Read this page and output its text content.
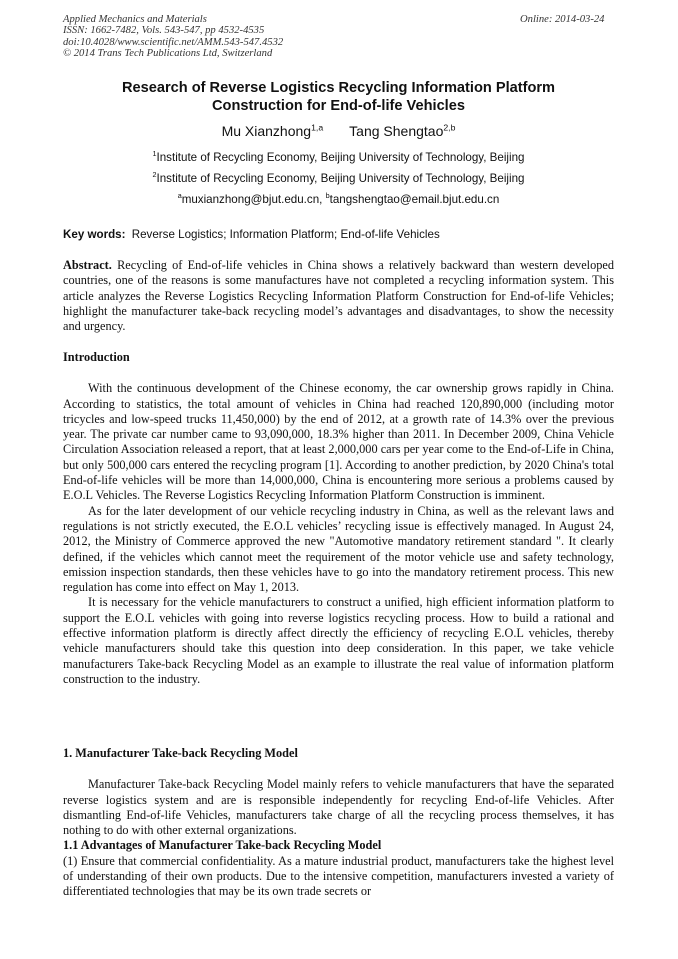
Applied Mechanics and Materials
ISSN: 1662-7482, Vols. 543-547, pp 4532-4535
doi:10.4028/www.scientific.net/AMM.543-547.4532
© 2014 Trans Tech Publications Ltd, Switzerland
Online: 2014-03-24
Research of Reverse Logistics Recycling Information Platform
Construction for End-of-life Vehicles
Mu Xianzhong$^{1,a}$ Tang Shengtao$^{2,b}$
$^1$Institute of Recycling Economy, Beijing University of Technology, Beijing
$^2$Institute of Recycling Economy, Beijing University of Technology, Beijing
$^a$muxianzhong@bjut.edu.cn, $^b$tangshengtao@email.bjut.edu.cn
Key words: Reverse Logistics; Information Platform; End-of-life Vehicles

Abstract. Recycling of End-of-life vehicles in China shows a relatively backward than western developed countries, one of the reasons is some manufactures have not completed a recycling information system. This article analyzes the Reverse Logistics Recycling Information Platform Construction for End-of-life Vehicles; highlight the manufacturer take-back recycling model’s advantages and disadvantages, to show the necessity and urgency.

Introduction

With the continuous development of the Chinese economy, the car ownership grows rapidly in China. According to statistics, the total amount of vehicles in China had reached 120,890,000 (including motor tricycles and low-speed trucks 11,450,000) by the end of 2012, at a growth rate of 14.3% over the previous year. The private car number came to 93,090,000, 18.3% higher than 2011. In December 2009, China Vehicle Circulation Association released a report, that at least 2,000,000 cars per year come to the End-of-Life in China, but only 500,000 cars entered the recycling program [1]. According to another prediction, by 2020 China's total End-of-life vehicles will be more than 14,000,000, China is encountering more serious a problems caused by E.O.L Vehicles. The Reverse Logistics Recycling Information Platform Construction is imminent.

As for the later development of our vehicle recycling industry in China, as well as the relevant laws and regulations is not strictly executed, the E.O.L vehicles’ recycling issue is effectively managed. In August 24, 2012, the Ministry of Commerce approved the new "Automotive mandatory retirement standard ". It clearly defined, if the vehicles which cannot meet the requirement of the motor vehicle use and safety technology, emission inspection standards, then these vehicles have to go into the mandatory retirement process. This new regulation has come into effect on May 1, 2013.

It is necessary for the vehicle manufacturers to construct a unified, high efficient information platform to support the E.O.L vehicles with going into reverse logistics recycling process. How to build a rational and effective information platform is directly affect directly the efficiency of recycling E.O.L vehicles, thereby vehicle manufacturers should take this question into deep consideration. In this paper, we take vehicle manufacturers Take-back Recycling Model as an example to illustrate the real value of information platform construction to the industry.

1. Manufacturer Take-back Recycling Model

Manufacturer Take-back Recycling Model mainly refers to vehicle manufacturers that have the separated reverse logistics system and are is responsible independently for recycling End-of-life Vehicles. After dismantling End-of-life Vehicles, manufacturers take charge of all the recycling process themselves, it has nothing to do with other external organizations.

1.1 Advantages of Manufacturer Take-back Recycling Model

(1) Ensure that commercial confidentiality. As a mature industrial product, manufacturers take the highest level of understanding of their own products. Due to the intensive competition, manufacturers invested a variety of differentiated technologies that may be its own trade secrets or
